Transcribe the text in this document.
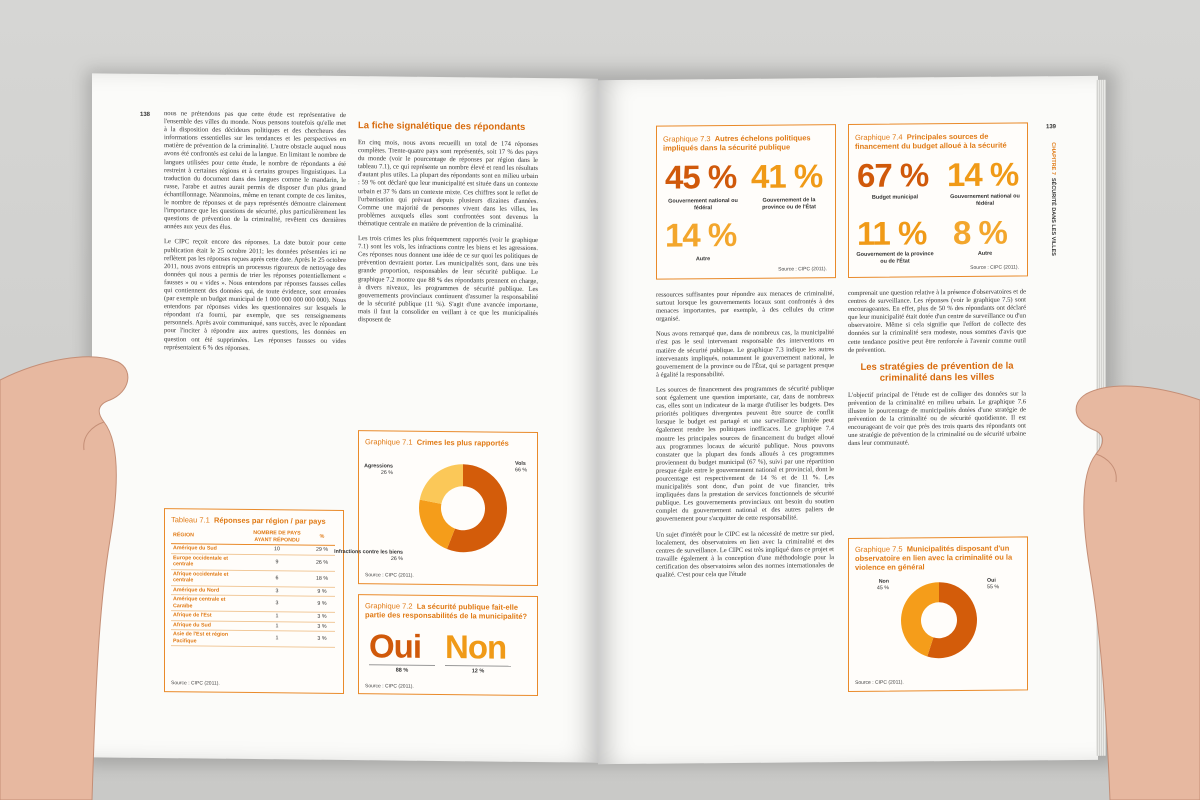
138 nous ne prétendons pas que cette étude est représentative de l'ensemble des villes du monde. Nous pensons toutefois qu'elle met à la disposition des décideurs politiques et des chercheurs des informations essentielles sur les tendances et les perspectives en matière de prévention de la criminalité. L'autre obstacle auquel nous avons été confrontés est celui de la langue. En limitant le nombre de langues utilisées pour cette étude, le nombre de répondants a été restreint à certaines régions et à certains groupes linguistiques. La traduction du document dans des langues comme le mandarin, le russe, l'arabe et autres aurait permis de disposer d'un plus grand échantillonnage. Néanmoins, même en tenant compte de ces limites, le nombre de réponses et de pays représentés démontre clairement l'importance que les questions de sécurité, plus particulièrement les questions de prévention de la criminalité, revêtent ces dernières années aux yeux des élus.

Le CIPC reçoit encore des réponses. La date butoir pour cette publication était le 25 octobre 2011; les données présentées ici ne reflètent pas les réponses reçues après cette date. Après le 25 octobre 2011, nous avons entrepris un processus rigoureux de nettoyage des données qui nous a permis de trier les réponses potentiellement « fausses » ou « vides ». Nous entendons par réponses fausses celles qui contiennent des données qui, de toute évidence, sont erronées (par exemple un budget municipal de 1 000 000 000 000 000). Nous entendons par réponses vides les questionnaires sur lesquels le répondant n'a fourni, par exemple, que ses renseignements personnels. Après avoir communiqué, sans succès, avec le répondant pour l'inciter à répondre aux autres questions, les données en question ont été supprimées. Les réponses fausses ou vides représentaient 6 % des réponses.

La fiche signalétique des répondants

En cinq mois, nous avons recueilli un total de 174 réponses complètes. Trente-quatre pays sont représentés, soit 17 % des pays du monde (voir le pourcentage de réponses par région dans le tableau 7.1), ce qui représente un nombre élevé et rend les résultats d'autant plus utiles. La plupart des répondants sont en milieu urbain : 59 % ont déclaré que leur municipalité est située dans un contexte urbain et 37 % dans un contexte mixte. Ces chiffres sont le reflet de l'urbanisation qui prévaut depuis plusieurs dizaines d'années. Comme une majorité de personnes vivent dans les villes, les problèmes auxquels elles sont confrontées sont devenus la thématique centrale en matière de prévention de la criminalité.

Les trois crimes les plus fréquemment rapportés (voir le graphique 7.1) sont les vols, les infractions contre les biens et les agressions. Ces réponses nous donnent une idée de ce sur quoi les politiques de prévention devraient porter. Les municipalités sont, dans une très grande proportion, responsables de leur sécurité publique. Le graphique 7.2 montre que 88 % des répondants prennent en charge, à divers niveaux, les programmes de sécurité publique. Les gouvernements provinciaux continuent d'assumer la responsabilité de la sécurité publique (11 %). S'agit d'une avancée importante, mais il faut la consolider en veillant à ce que les municipalités disposent de

Tableau 7.1 Réponses par région / par pays
RÉGION	NOMBRE DE PAYS AYANT RÉPONDU	%
Amérique du Sud	10	29 %
Europe occidentale et centrale	9	26 %
Afrique occidentale et centrale	6	18 %
Amérique du Nord	3	9 %
Amérique centrale et Caraïbe	3	9 %
Afrique de l'Est	1	3 %
Afrique du Sud	1	3 %
Asie de l'Est et région Pacifique	1	3 %
Source : CIPC (2011).
Graphique 7.1 Crimes les plus rapportés
Vols
66 %
Agressions
26 %
Infractions contre les biens
26 %
Source : CIPC (2011).
Graphique 7.2 La sécurité publique fait-elle partie des responsabilités de la municipalité?
Oui Non
88 %	12 %
Source : CIPC (2011).
139
CHAPITRE 7  SÉCURITÉ DANS LES VILLES
Graphique 7.3 Autres échelons politiques impliqués dans la sécurité publique
45 % 41 %
Gouvernement national ou fédéral
Gouvernement de la province ou de l'État
14 %
Autre
Source : CIPC (2011).
Graphique 7.4 Principales sources de financement du budget alloué à la sécurité
67 % 14 %
Budget municipal	Gouvernement national ou fédéral
11 % 8 %
Gouvernement de la province ou de l'État
Autre
Source : CIPC (2011).

ressources suffisantes pour répondre aux menaces de criminalité, surtout lorsque les gouvernements locaux sont confrontés à des menaces importantes, par exemple, à des cellules du crime organisé.

Nous avons remarqué que, dans de nombreux cas, la municipalité n'est pas le seul intervenant responsable des interventions en matière de sécurité publique. Le graphique 7.3 indique les autres intervenants impliqués, notamment le gouvernement national, le gouvernement de la province ou de l'État, qui se partagent presque à égalité la responsabilité.

Les sources de financement des programmes de sécurité publique sont également une question importante, car, dans de nombreux cas, elles sont un indicateur de la marge d'utiliser les budgets. Des priorités politiques divergentes peuvent être source de conflit lorsque le budget est partagé et une surveillance limitée peut également rendre les politiques inefficaces. Le graphique 7.4 montre les principales sources de financement du budget alloué aux programmes locaux de sécurité publique. Nous pouvons constater que la plupart des fonds alloués à ces programmes proviennent du budget municipal (67 %), suivi par une répartition presque égale entre le gouvernement national et provincial, dont le pourcentage est respectivement de 14 % et de 11 %. Les municipalités sont donc, d'un point de vue financier, très impliquées dans la prestation de services fonctionnels de sécurité publique. Les gouvernements provinciaux ont besoin du soutien complet du gouvernement national et des autres paliers de gouvernement pour s'acquitter de cette responsabilité.

Un sujet d'intérêt pour le CIPC est la nécessité de mettre sur pied, localement, des observatoires en lien avec la criminalité et des centres de surveillance. Le CIPC est très impliqué dans ce projet et travaille également à la conception d'une méthodologie pour la certification des observatoires selon des normes internationales de qualité. C'est pour cela que l'étude

comprenait une question relative à la présence d'observatoires et de centres de surveillance. Les réponses (voir le graphique 7.5) sont encourageantes. En effet, plus de 50 % des répondants ont déclaré que leur municipalité était dotée d'un centre de surveillance ou d'un observatoire. Même si cela signifie que l'effort de collecte des données sur la criminalité sera modeste, nous sommes d'avis que cette tendance positive peut être renforcée à l'avenir comme outil de prévention.

Les stratégies de prévention de la criminalité dans les villes

L'objectif principal de l'étude est de colliger des données sur la prévention de la criminalité en milieu urbain. Le graphique 7.6 illustre le pourcentage de municipalités dotées d'une stratégie de prévention de la criminalité ou de sécurité quotidienne. Il est encourageant de voir que près des trois quarts des répondants ont une stratégie de prévention de la criminalité ou de sécurité urbaine dans leur communauté.

Graphique 7.5 Municipalités disposant d'un observatoire en lien avec la criminalité ou la violence en général
Oui
55 %
Non
45 %
Source : CIPC (2011).
